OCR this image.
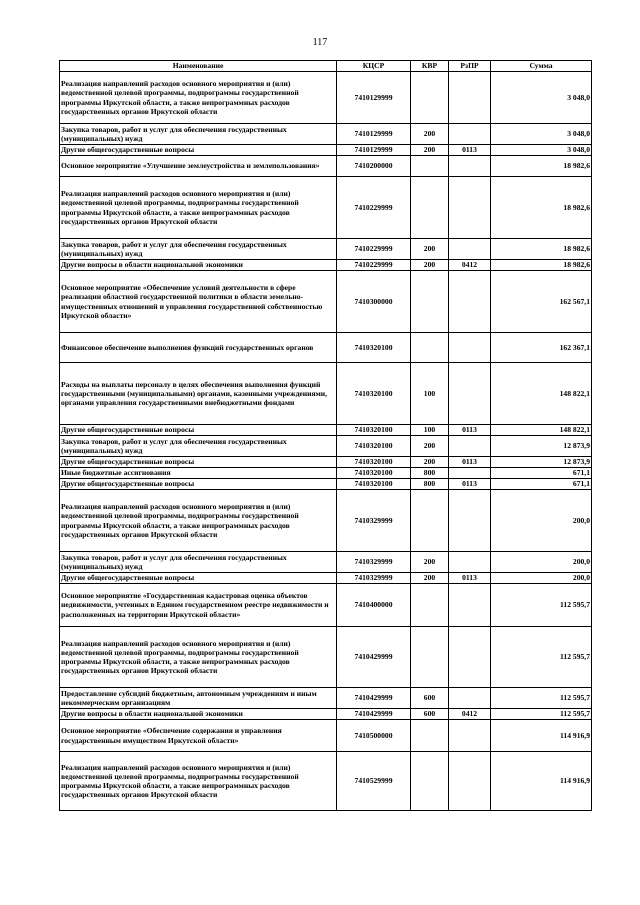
117
Наименование	КЦСР	КВР	РзПР	Сумма
Реализация направлений расходов основного мероприятия и (или) ведомственной целевой программы, подпрограммы государственной программы Иркутской области, а также непрограммных расходов государственных органов Иркутской области	7410129999			3 048,0
Закупка товаров, работ и услуг для обеспечения государственных (муниципальных) нужд	7410129999	200		3 048,0
Другие общегосударственные вопросы	7410129999	200	0113	3 048,0
Основное мероприятие «Улучшение землеустройства и землепользования»	7410200000			18 982,6
Реализация направлений расходов основного мероприятия и (или) ведомственной целевой программы, подпрограммы государственной программы Иркутской области, а также непрограммных расходов государственных органов Иркутской области	7410229999			18 982,6
Закупка товаров, работ и услуг для обеспечения государственных (муниципальных) нужд	7410229999	200		18 982,6
Другие вопросы в области национальной экономики	7410229999	200	0412	18 982,6
Основное мероприятие «Обеспечение условий деятельности в сфере реализации областной государственной политики в области земельно-имущественных отношений и управления государственной собственностью Иркутской области»	7410300000			162 567,1
Финансовое обеспечение выполнения функций государственных органов	7410320100			162 367,1
Расходы на выплаты персоналу в целях обеспечения выполнения функций государственными (муниципальными) органами, казенными учреждениями, органами управления государственными внебюджетными фондами	7410320100	100		148 822,1
Другие общегосударственные вопросы	7410320100	100	0113	148 822,1
Закупка товаров, работ и услуг для обеспечения государственных (муниципальных) нужд	7410320100	200		12 873,9
Другие общегосударственные вопросы	7410320100	200	0113	12 873,9
Иные бюджетные ассигнования	7410320100	800		671,1
Другие общегосударственные вопросы	7410320100	800	0113	671,1
Реализация направлений расходов основного мероприятия и (или) ведомственной целевой программы, подпрограммы государственной программы Иркутской области, а также непрограммных расходов государственных органов Иркутской области	7410329999			200,0
Закупка товаров, работ и услуг для обеспечения государственных (муниципальных) нужд	7410329999	200		200,0
Другие общегосударственные вопросы	7410329999	200	0113	200,0
Основное мероприятие «Государственная кадастровая оценка объектов недвижимости, учтенных в Едином государственном реестре недвижимости и расположенных на территории Иркутской области»	7410400000			112 595,7
Реализация направлений расходов основного мероприятия и (или) ведомственной целевой программы, подпрограммы государственной программы Иркутской области, а также непрограммных расходов государственных органов Иркутской области	7410429999			112 595,7
Предоставление субсидий бюджетным, автономным учреждениям и иным некоммерческим организациям	7410429999	600		112 595,7
Другие вопросы в области национальной экономики	7410429999	600	0412	112 595,7
Основное мероприятие «Обеспечение содержания и управления государственным имуществом Иркутской области»	7410500000			114 916,9
Реализация направлений расходов основного мероприятия и (или) ведомственной целевой программы, подпрограммы государственной программы Иркутской области, а также непрограммных расходов государственных органов Иркутской области	7410529999			114 916,9
